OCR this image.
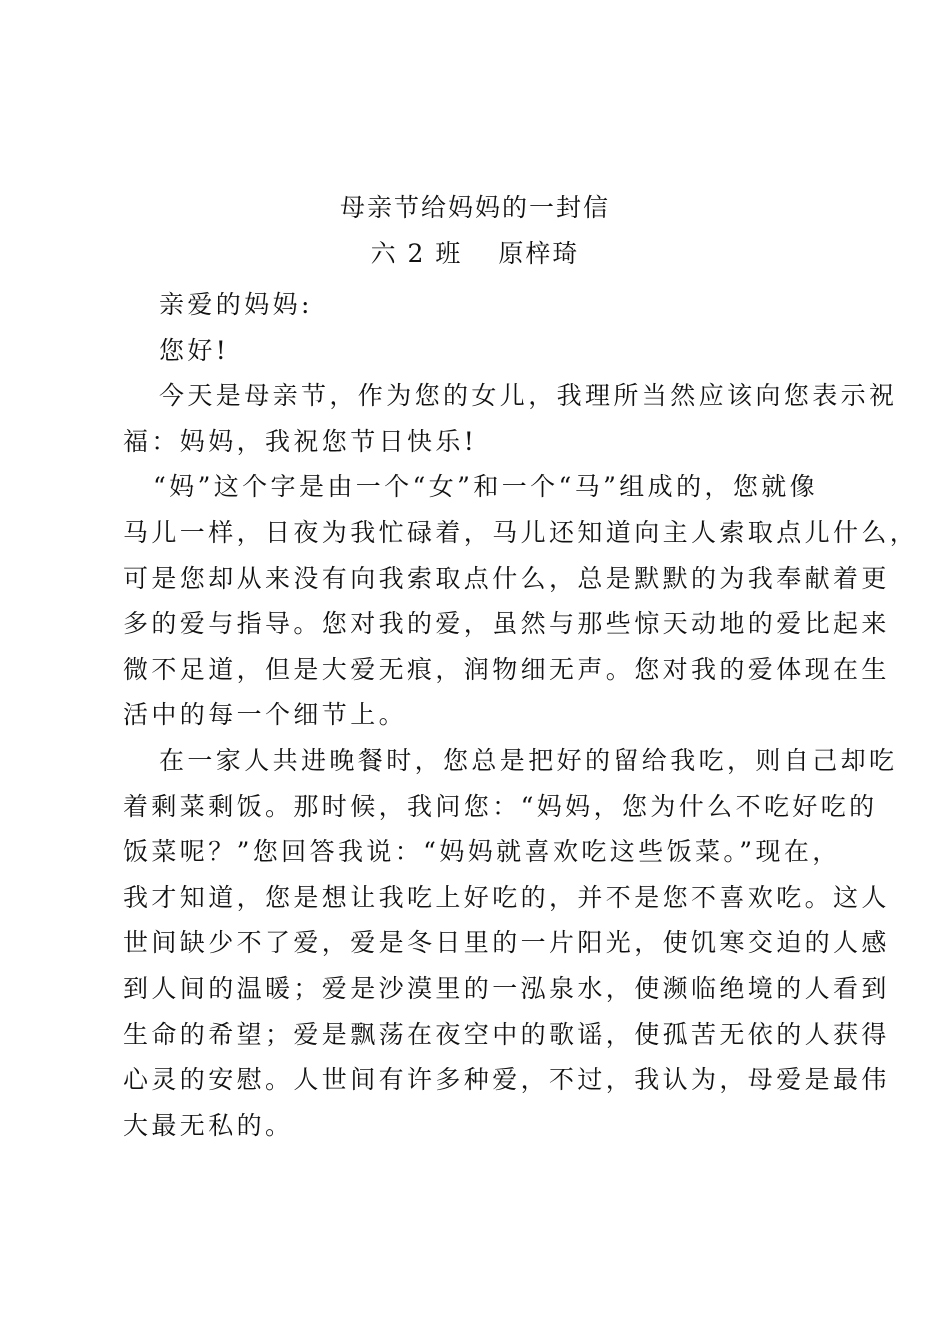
母亲节给妈妈的一封信
六 2 班 原梓琦
亲爱的妈妈:
您好!
今天是母亲节，作为您的女儿，我理所当然应该向您表示祝
福：妈妈，我祝您节日快乐!
“妈”这个字是由一个“女”和一个“马”组成的，您就像
马儿一样，日夜为我忙碌着，马儿还知道向主人索取点儿什么，
可是您却从来没有向我索取点什么，总是默默的为我奉献着更
多的爱与指导。您对我的爱，虽然与那些惊天动地的爱比起来
微不足道，但是大爱无痕，润物细无声。您对我的爱体现在生
活中的每一个细节上。
在一家人共进晚餐时，您总是把好的留给我吃，则自己却吃
着剩菜剩饭。那时候，我问您：“妈妈，您为什么不吃好吃的
饭菜呢？”您回答我说：“妈妈就喜欢吃这些饭菜。”现在，
我才知道，您是想让我吃上好吃的，并不是您不喜欢吃。这人
世间缺少不了爱，爱是冬日里的一片阳光，使饥寒交迫的人感
到人间的温暖；爱是沙漠里的一泓泉水，使濒临绝境的人看到
生命的希望；爱是飘荡在夜空中的歌谣，使孤苦无依的人获得
心灵的安慰。人世间有许多种爱，不过，我认为，母爱是最伟
大最无私的。
